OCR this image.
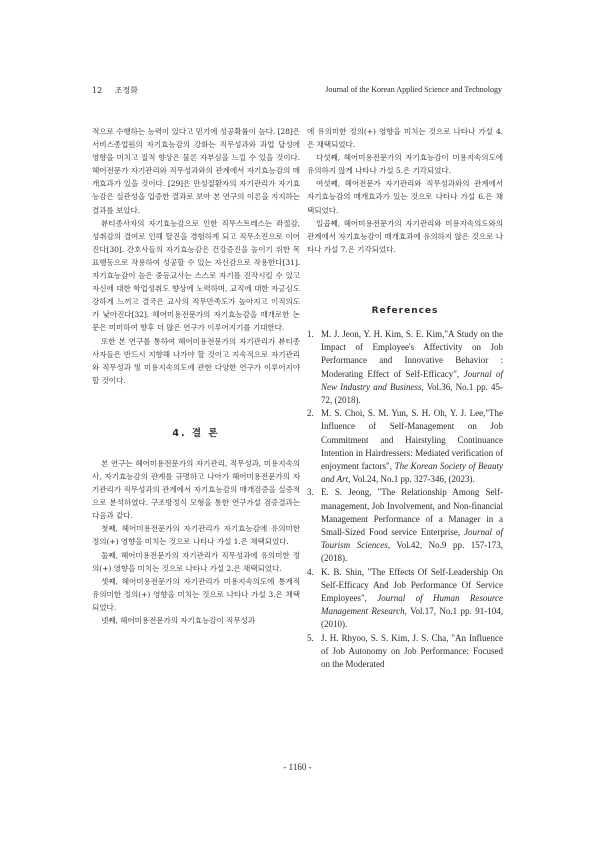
12 조정화	Journal of the Korean Applied Science and Technology

적으로 수행하는 능력이 있다고 믿기에 성공확률이 높다. [28]은 서비스종업원의 자기효능감의 강화는 직무성과와 과업 달성에 영향을 미치고 질적 향상은 물론 자부심을 느낄 수 있을 것이다. 헤어전문가 자기관리와 직무성과와의 관계에서 자기효능감의 매개효과가 있을 것이다. [29]은 만성질환자의 자기관리가 자기효능감은 실관성을 입증한 결과로 보아 본 연구의 이론을 지지하는 결과를 보았다.

뷰티종사자의 자기효능감으로 인한 직무스트레스는 좌절감, 성취감의 결여로 인해 탈진을 경험하게 되고 직무소진으로 이어진다[30]. 간호사들의 자기효능감은 건강증진을 높이기 위한 목표행동으로 작용하여 성공할 수 있는 자신감으로 작용한다[31]. 자기효능감이 높은 중등교사는 스스로 자기를 진작시킬 수 있고 자신에 대한 학업성취도 향상에 노력하며, 교직에 대한 자긍심도 강하게 느끼고 결국은 교사의 직무만족도가 높아지고 이직의도가 낮아진다[32]. 헤어미용전문가의 자기효능감을 매개로한 논문은 미미하여 향후 더 많은 연구가 이루어지기를 기대한다.

또한 본 연구를 통하여 헤어미용전문가의 자기관리가 뷰티종사자들은 반드시 지향해 나가야 할 것이고 지속적으로 자기관리와 직무성과 및 미용지속의도에 관한 다양한 연구가 이루어지야 할 것이다.

4. 결 론

본 연구는 헤어미용전문가의 자기관리, 직무성과, 미용지속의사, 자기효능감의 관계를 규명하고 나아가 헤어미용전문가의 자기관리가 직무성과의 관계에서 자기효능감의 매개검증을 실증적으로 분석하였다. 구조방정식 모형을 통한 연구가설 검증결과는 다음과 같다.

첫째, 헤어미용전문가의 자기관리가 자기효능감에 유의미한 정의(+) 영향을 미치는 것으로 나타나 가설 1.은 채택되었다.

둘째, 헤어미용전문가의 자기관리가 직무성과에 유의미한 정의(+) 영향을 미치는 것으로 나타나 가설 2.은 채택되었다.

셋째, 헤어미용전문가의 자기관리가 미용지속의도에 통계적 유의미한 정의(+) 영향을 미치는 것으로 나타나 가설 3.은 채택되었다.

넷째, 헤어미용전문가의 자기효능감이 직무성과

에 유의미한 정의(+) 영향을 미치는 것으로 나타나 가설 4.은 채택되었다.

다섯째, 헤어미용전문가의 자기효능감이 미용지속의도에 유의하지 않게 나타나 가설 5.은 기각되었다.

여섯째, 헤어전문가 자기관리와 직무성과와의 관계에서 자기효능감의 매개효과가 있는 것으로 나타나 가설 6.은 채택되었다.

일곱째, 헤어미용전문가의 자기관리와 미용지속의도와의 관계에서 자기효능감이 매개효과에 유의하지 않은 것으로 나타나 가설 7.은 기각되었다.

References
1. M. J. Jeon, Y. H. Kim, S. E. Kim,"A Study on the Impact of Employee's Affectivity on Job Performance and Innovative Behavior : Moderating Effect of Self-Efficacy", Journal of New Industry and Business, Vol.36, No.1 pp. 45-72, (2018).
2. M. S. Choi, S. M. Yun, S. H. Oh, Y. J. Lee,"The Influence of Self-Management on Job Commitment and Hairstyling Continuance Intention in Hairdressers: Mediated verification of enjoyment factors", The Korean Society of Beauty and Art, Vol.24, No.1 pp. 327-346, (2023).
3. E. S. Jeong, "The Relationship Among Self-management, Job Involvement, and Non-financial Management Performance of a Manager in a Small-Sized Food service Enterprise, Journal of Tourism Sciences, Vol.42, No.9 pp. 157-173, (2018).
4. K. B. Shin, "The Effects Of Self-Leadership On Self-Efficacy And Job Performance Of Service Employees", Journal of Human Resource Management Research, Vol.17, No.1 pp. 91-104, (2010).
5. J. H. Rhyoo, S. S. Kim, J. S. Cha, "An Influence of Job Autonomy on Job Performance: Focused on the Moderated
- 1160 -
